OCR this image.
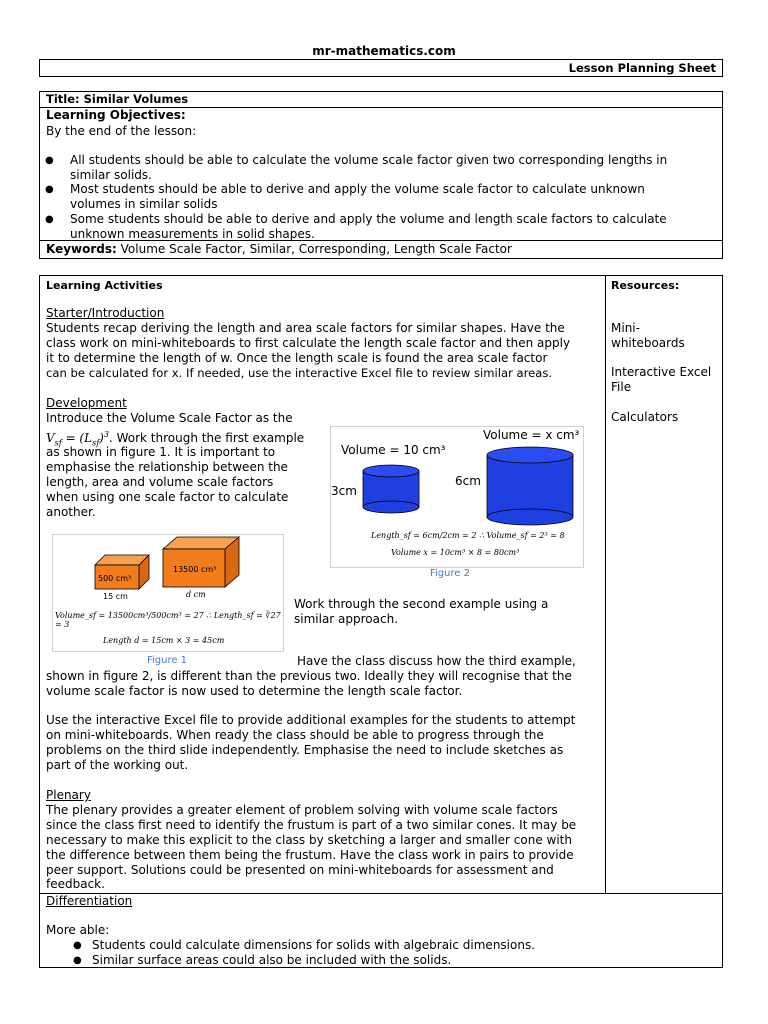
mr-mathematics.com
Lesson Planning Sheet
Title: Similar Volumes
Learning Objectives:
By the end of the lesson:
● All students should be able to calculate the volume scale factor given two corresponding lengths in
similar solids.
● Most students should be able to derive and apply the volume scale factor to calculate unknown
volumes in similar solids
● Some students should be able to derive and apply the volume and length scale factors to calculate
unknown measurements in solid shapes.
Keywords: Volume Scale Factor, Similar, Corresponding, Length Scale Factor
Learning Activities	Resources:
Mini-
whiteboards
Interactive Excel
File
Calculators
Starter/Introduction
Students recap deriving the length and area scale factors for similar shapes. Have the
class work on mini-whiteboards to first calculate the length scale factor and then apply
it to determine the length of w. Once the length scale is found the area scale factor
can be calculated for x. If needed, use the interactive Excel file to review similar areas.
Development
Introduce the Volume Scale Factor as the
$V_{sf} = (L_{sf})^3$. Work through the first example
as shown in figure 1. It is important to
emphasise the relationship between the
length, area and volume scale factors
when using one scale factor to calculate
another.
Volume = 10 cm³
Volume = x cm³
3cm
6cm
Length_sf = 6cm/2cm = 2 ∴ Volume_sf = 2³ = 8
Volume x = 10cm³ × 8 = 80cm³
Figure 2
500 cm³
13500 cm³
15 cm	d cm
Volume_sf = 13500cm³/500cm³ = 27 ∴ Length_sf = ∛27 = 3
Length d = 15cm × 3 = 45cm
Figure 1
Work through the second example using a
similar approach.
Have the class discuss how the third example,
shown in figure 2, is different than the previous two. Ideally they will recognise that the
volume scale factor is now used to determine the length scale factor.
Use the interactive Excel file to provide additional examples for the students to attempt
on mini-whiteboards. When ready the class should be able to progress through the
problems on the third slide independently. Emphasise the need to include sketches as
part of the working out.
Plenary
The plenary provides a greater element of problem solving with volume scale factors
since the class first need to identify the frustum is part of a two similar cones. It may be
necessary to make this explicit to the class by sketching a larger and smaller cone with
the difference between them being the frustum. Have the class work in pairs to provide
peer support. Solutions could be presented on mini-whiteboards for assessment and
feedback.
Differentiation
More able:
● Students could calculate dimensions for solids with algebraic dimensions.
● Similar surface areas could also be included with the solids.
